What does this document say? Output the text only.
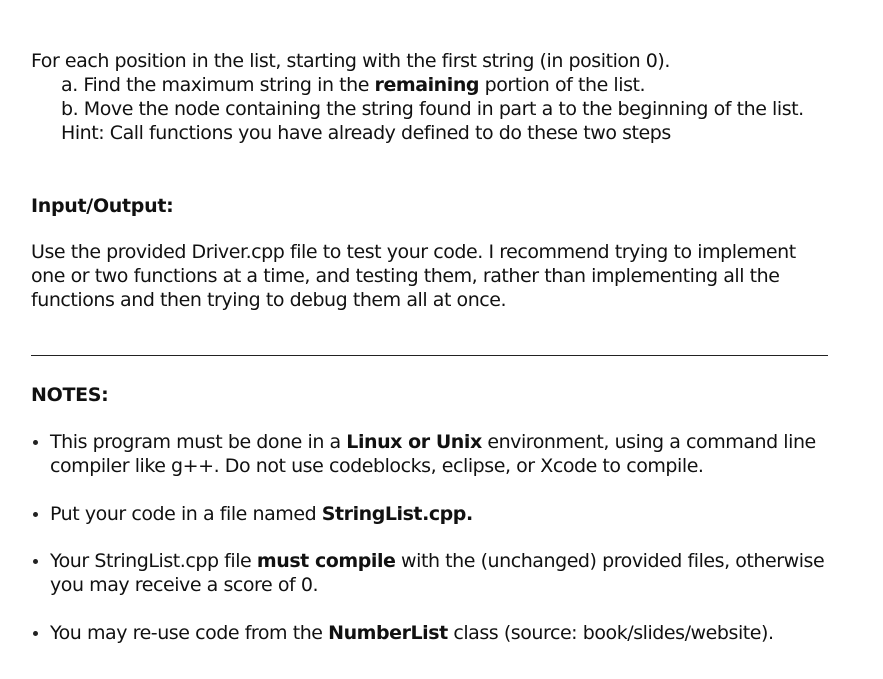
For each position in the list, starting with the first string (in position 0).
a. Find the maximum string in the remaining portion of the list.
b. Move the node containing the string found in part a to the beginning of the list.
Hint: Call functions you have already defined to do these two steps
Input/Output:
Use the provided Driver.cpp file to test your code. I recommend trying to implement
one or two functions at a time, and testing them, rather than implementing all the
functions and then trying to debug them all at once.
NOTES:
This program must be done in a Linux or Unix environment, using a command line
compiler like g++. Do not use codeblocks, eclipse, or Xcode to compile.
Put your code in a file named StringList.cpp.
Your StringList.cpp file must compile with the (unchanged) provided files, otherwise
you may receive a score of 0.
You may re-use code from the NumberList class (source: book/slides/website).
